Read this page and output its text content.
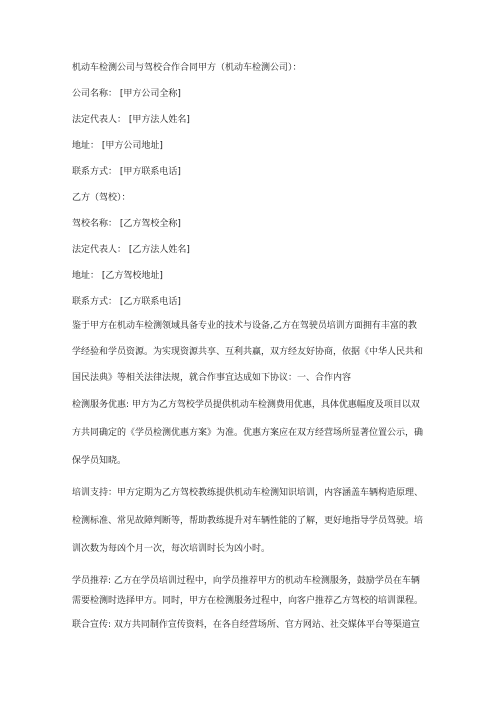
机动车检测公司与驾校合作合同甲方（机动车检测公司）：

公司名称： [甲方公司全称]

法定代表人： [甲方法人姓名]

地址： [甲方公司地址]

联系方式： [甲方联系电话]

乙方（驾校）：

驾校名称： [乙方驾校全称]

法定代表人： [乙方法人姓名]

地址： [乙方驾校地址]

联系方式： [乙方联系电话]

鉴于甲方在机动车检测领域具备专业的技术与设备,乙方在驾驶员培训方面拥有丰富的教
学经验和学员资源。为实现资源共享、互利共赢，双方经友好协商，依据《中华人民共和
国民法典》等相关法律法规，就合作事宜达成如下协议：一、合作内容
检测服务优惠: 甲方为乙方驾校学员提供机动车检测费用优惠，具体优惠幅度及项目以双
方共同确定的《学员检测优惠方案》为准。优惠方案应在双方经营场所显著位置公示，确
保学员知晓。
培训支持：甲方定期为乙方驾校教练提供机动车检测知识培训，内容涵盖车辆构造原理、
检测标准、常见故障判断等，帮助教练提升对车辆性能的了解，更好地指导学员驾驶。培
训次数为每凶个月一次，每次培训时长为凶小时。
学员推荐: 乙方在学员培训过程中，向学员推荐甲方的机动车检测服务，鼓励学员在车辆
需要检测时选择甲方。同时，甲方在检测服务过程中，向客户推荐乙方驾校的培训课程。
联合宣传: 双方共同制作宣传资料，在各自经营场所、官方网站、社交媒体平台等渠道宣
